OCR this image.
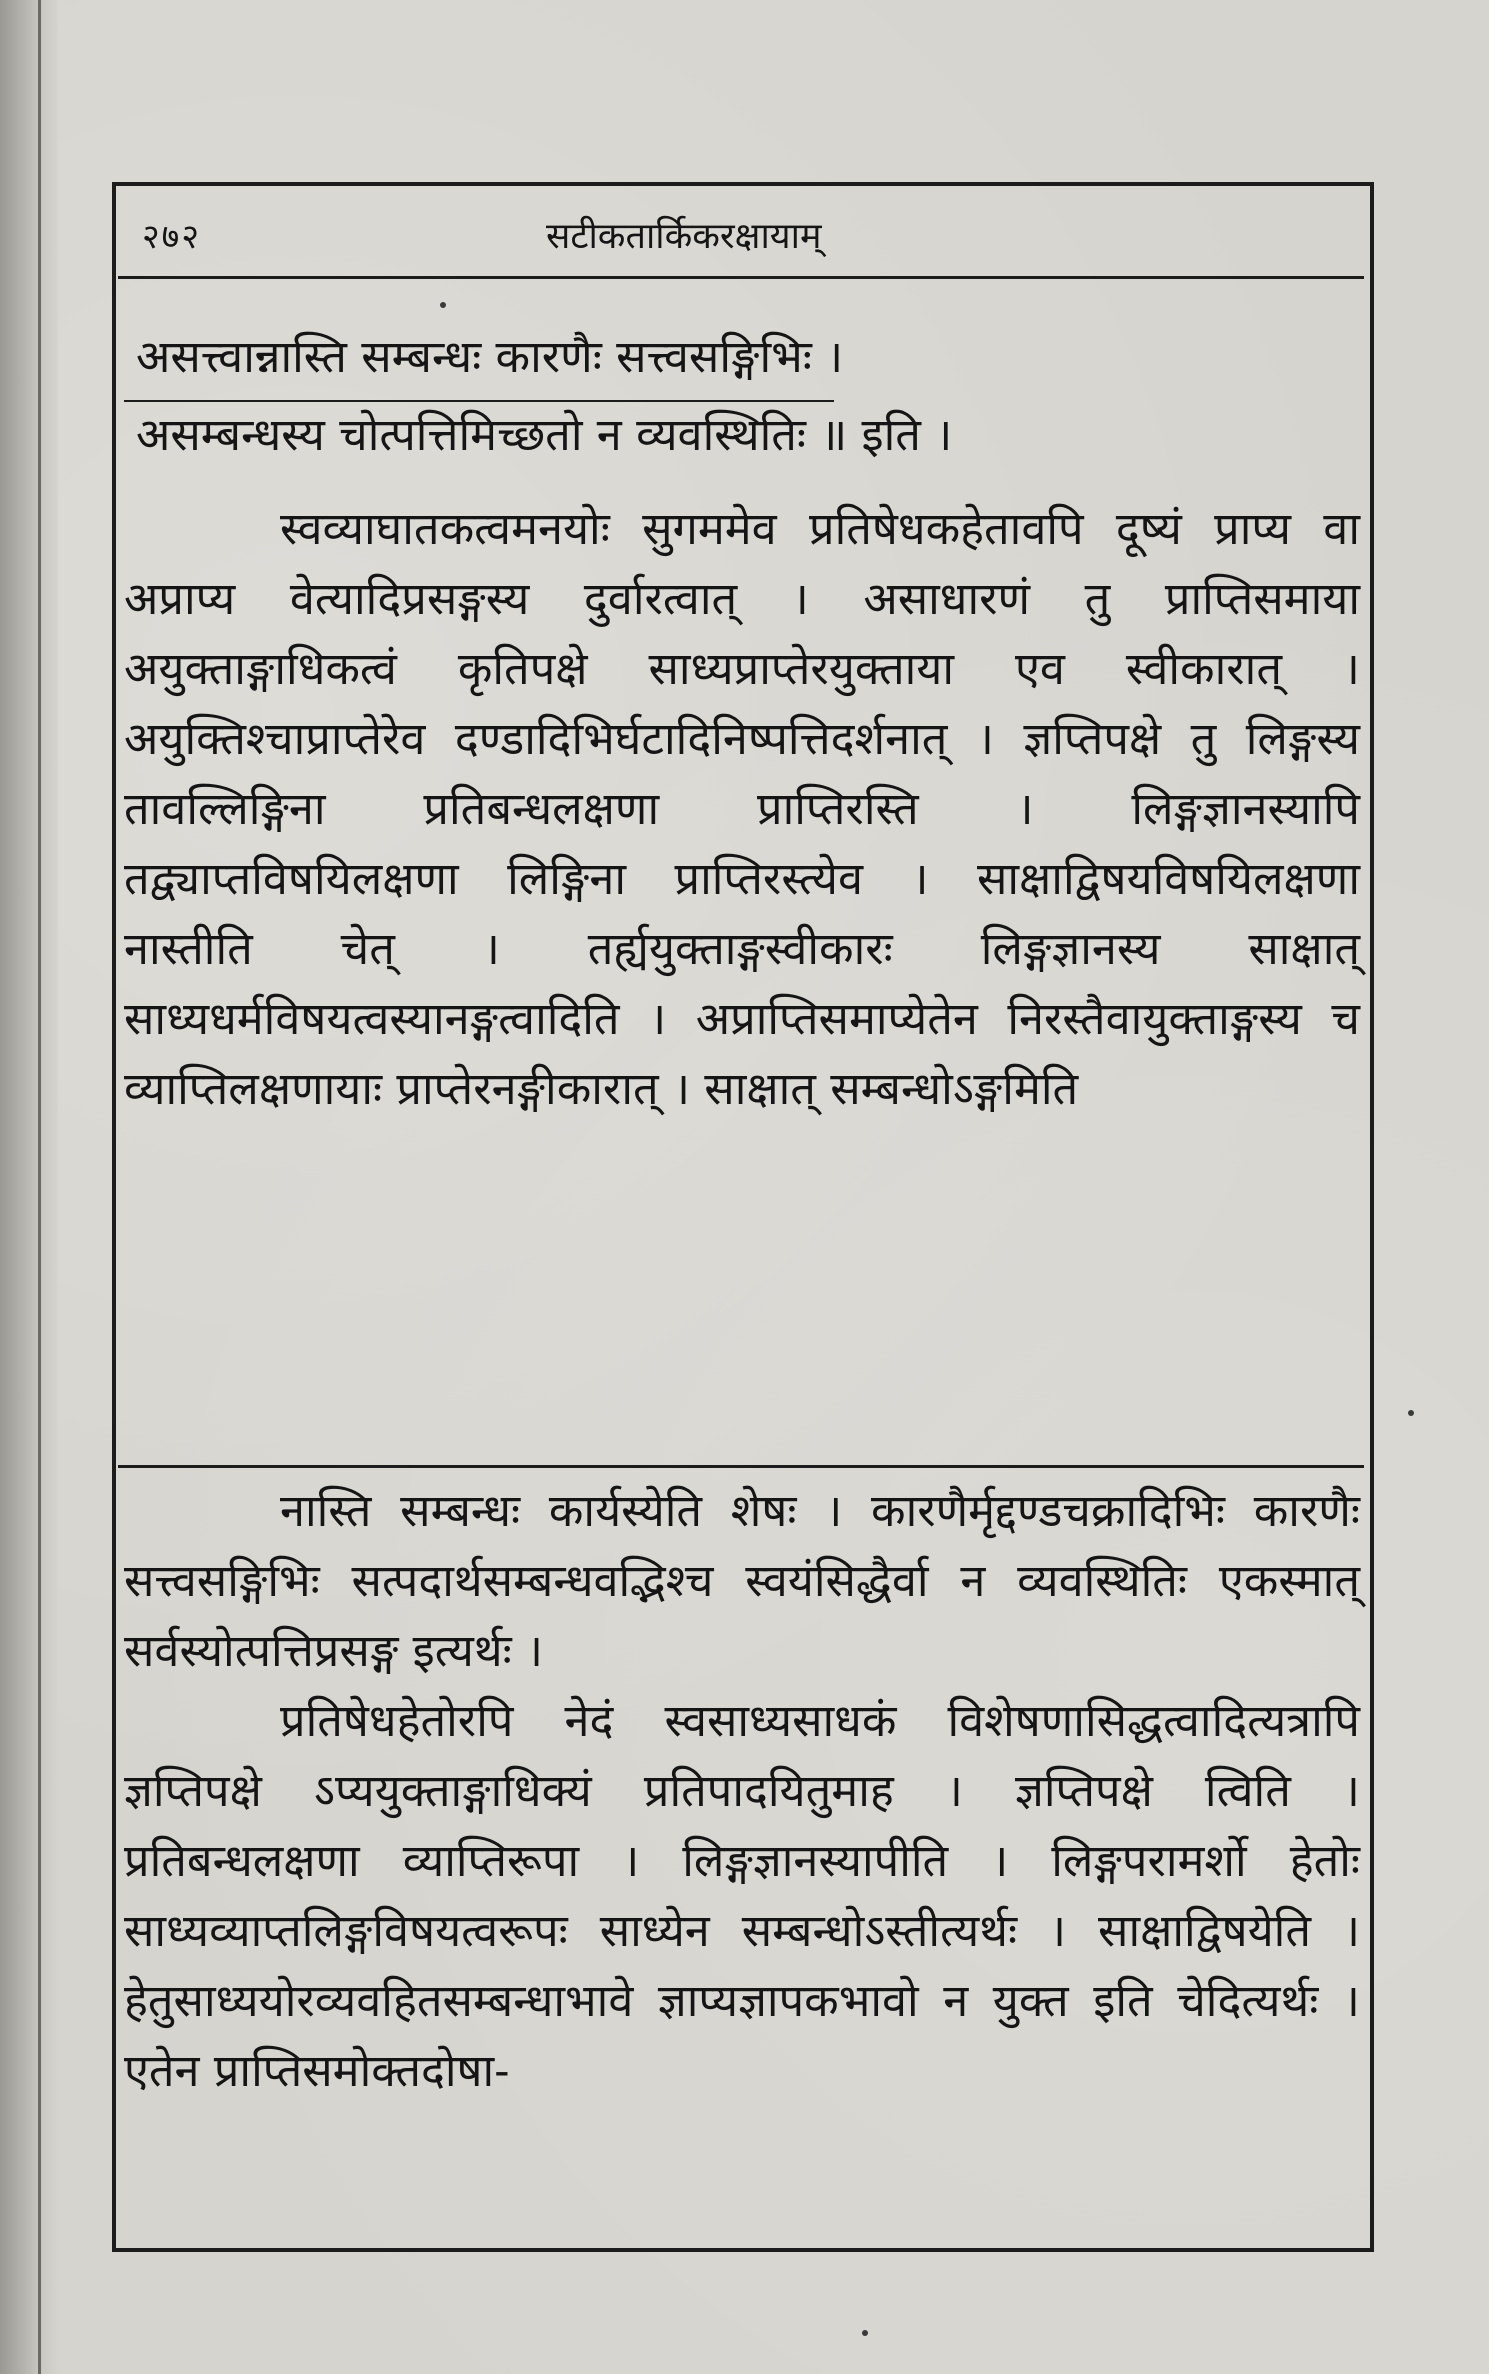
२७२	सटीकतार्किकरक्षायाम्

असत्त्वान्नास्ति सम्बन्धः कारणैः सत्त्वसङ्गिभिः ।

असम्बन्धस्य चोत्पत्तिमिच्छतो न व्यवस्थितिः ॥ इति ।

स्वव्याघातकत्वमनयोः सुगममेव प्रतिषेधकहेतावपि दूष्यं प्राप्य वा अप्राप्य वेत्यादिप्रसङ्गस्य दुर्वारत्वात् । असाधारणं तु प्राप्तिसमाया अयुक्ताङ्गाधिकत्वं कृतिपक्षे साध्यप्राप्तेरयुक्ताया एव स्वीकारात् । अयुक्तिश्चाप्राप्तेरेव दण्डादिभिर्घटादिनिष्पत्तिदर्शनात् । ज्ञप्तिपक्षे तु लिङ्गस्य तावल्लिङ्गिना प्रतिबन्धलक्षणा प्राप्तिरस्ति । लिङ्गज्ञानस्यापि तद्व्याप्तविषयिलक्षणा लिङ्गिना प्राप्तिरस्त्येव । साक्षाद्विषयविषयिलक्षणा नास्तीति चेत् । तर्ह्ययुक्ताङ्गस्वीकारः लिङ्गज्ञानस्य साक्षात् साध्यधर्मविषयत्वस्यानङ्गत्वादिति । अप्राप्तिसमाप्येतेन निरस्तैवायुक्ताङ्गस्य च व्याप्तिलक्षणायाः प्राप्तेरनङ्गीकारात् । साक्षात् सम्बन्धोऽङ्गमिति

नास्ति सम्बन्धः कार्यस्येति शेषः । कारणैर्मृद्दण्डचक्रादिभिः कारणैः सत्त्वसङ्गिभिः सत्पदार्थसम्बन्धवद्भिश्च स्वयंसिद्धैर्वा न व्यवस्थितिः एकस्मात् सर्वस्योत्पत्तिप्रसङ्ग इत्यर्थः ।

प्रतिषेधहेतोरपि नेदं स्वसाध्यसाधकं विशेषणासिद्धत्वादित्यत्रापि ज्ञप्तिपक्षे ऽप्ययुक्ताङ्गाधिक्यं प्रतिपादयितुमाह । ज्ञप्तिपक्षे त्विति । प्रतिबन्धलक्षणा व्याप्तिरूपा । लिङ्गज्ञानस्यापीति । लिङ्गपरामर्शो हेतोः साध्यव्याप्तलिङ्गविषयत्वरूपः साध्येन सम्बन्धोऽस्तीत्यर्थः । साक्षाद्विषयेति । हेतुसाध्ययोरव्यवहितसम्बन्धाभावे ज्ञाप्यज्ञापकभावो न युक्त इति चेदित्यर्थः । एतेन प्राप्तिसमोक्तदोषा-
